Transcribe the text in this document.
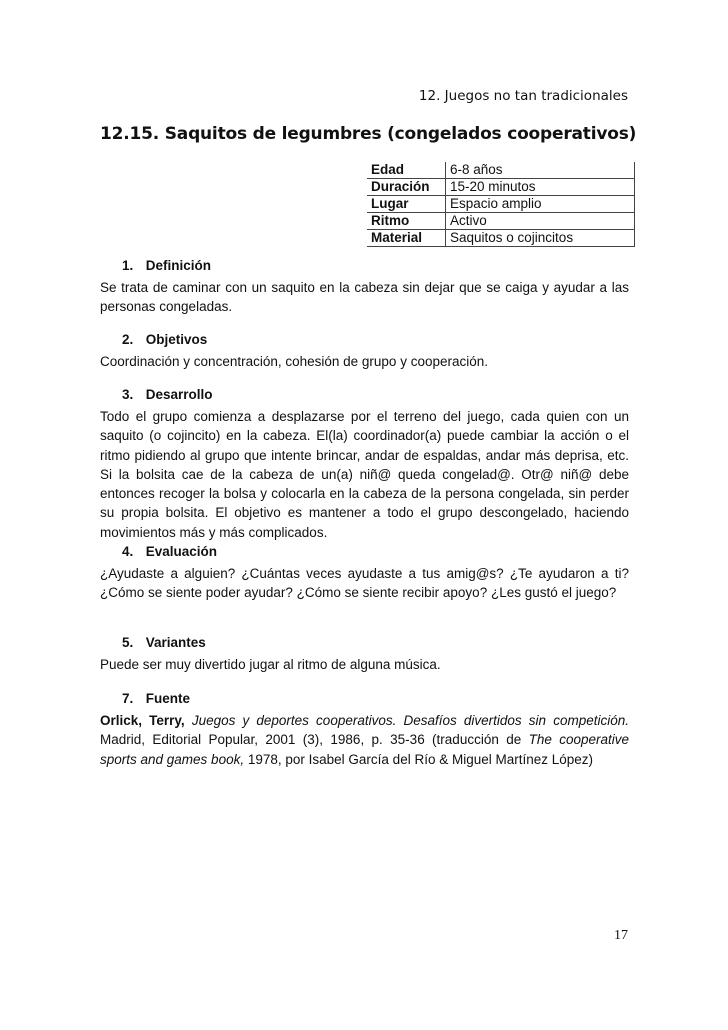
12. Juegos no tan tradicionales
12.15. Saquitos de legumbres (congelados cooperativos)
Edad	6-8 años
Duración	15-20 minutos
Lugar	Espacio amplio
Ritmo	Activo
Material	Saquitos o cojincitos
1. Definición

Se trata de caminar con un saquito en la cabeza sin dejar que se caiga y ayudar a las personas congeladas.

2. Objetivos

Coordinación y concentración, cohesión de grupo y cooperación.

3. Desarrollo

Todo el grupo comienza a desplazarse por el terreno del juego, cada quien con un saquito (o cojincito) en la cabeza. El(la) coordinador(a) puede cambiar la acción o el ritmo pidiendo al grupo que intente brincar, andar de espaldas, andar más deprisa, etc. Si la bolsita cae de la cabeza de un(a) niñ@ queda congelad@. Otr@ niñ@ debe entonces recoger la bolsa y colocarla en la cabeza de la persona congelada, sin perder su propia bolsita. El objetivo es mantener a todo el grupo descongelado, haciendo movimientos más y más complicados.

4. Evaluación

¿Ayudaste a alguien? ¿Cuántas veces ayudaste a tus amig@s? ¿Te ayudaron a ti? ¿Cómo se siente poder ayudar? ¿Cómo se siente recibir apoyo? ¿Les gustó el juego?

5. Variantes

Puede ser muy divertido jugar al ritmo de alguna música.

7. Fuente

Orlick, Terry, Juegos y deportes cooperativos. Desafíos divertidos sin competición. Madrid, Editorial Popular, 2001 (3), 1986, p. 35-36 (traducción de The cooperative sports and games book, 1978, por Isabel García del Río & Miguel Martínez López)

17
